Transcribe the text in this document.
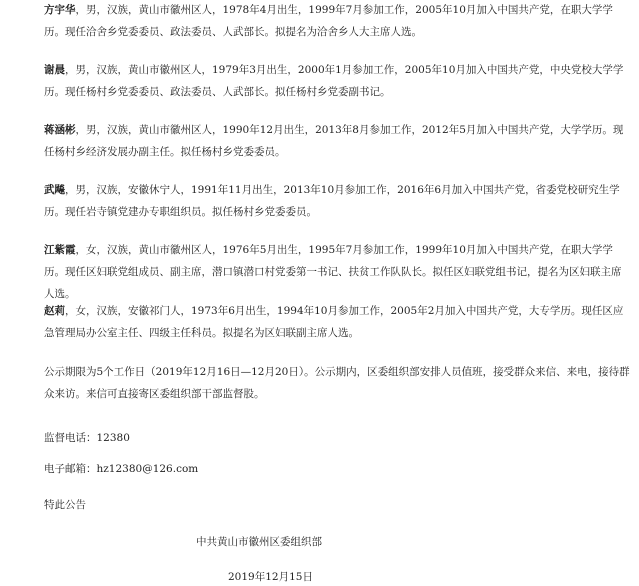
方宇华，男，汉族，黄山市徽州区人，1978年4月出生，1999年7月参加工作，2005年10月加入中国共产党，在职大学学历。现任洽舍乡党委委员、政法委员、人武部长。拟提名为洽舍乡人大主席人选。

谢晨，男，汉族，黄山市徽州区人，1979年3月出生，2000年1月参加工作，2005年10月加入中国共产党，中央党校大学学历。现任杨村乡党委委员、政法委员、人武部长。拟任杨村乡党委副书记。

蒋涵彬，男，汉族，黄山市徽州区人，1990年12月出生，2013年8月参加工作，2012年5月加入中国共产党，大学学历。现任杨村乡经济发展办副主任。拟任杨村乡党委委员。

武飚，男，汉族，安徽休宁人，1991年11月出生，2013年10月参加工作，2016年6月加入中国共产党，省委党校研究生学历。现任岩寺镇党建办专职组织员。拟任杨村乡党委委员。

江紫霞，女，汉族，黄山市徽州区人，1976年5月出生，1995年7月参加工作，1999年10月加入中国共产党，在职大学学历。现任区妇联党组成员、副主席，潜口镇潜口村党委第一书记、扶贫工作队队长。拟任区妇联党组书记，提名为区妇联主席人选。

赵莉，女，汉族，安徽祁门人，1973年6月出生，1994年10月参加工作，2005年2月加入中国共产党，大专学历。现任区应急管理局办公室主任、四级主任科员。拟提名为区妇联副主席人选。

公示期限为5个工作日（2019年12月16日—12月20日）。公示期内，区委组织部安排人员值班，接受群众来信、来电，接待群众来访。来信可直接寄区委组织部干部监督股。

监督电话：12380

电子邮箱：hz12380@126.com

特此公告

中共黄山市徽州区委组织部

2019年12月15日
